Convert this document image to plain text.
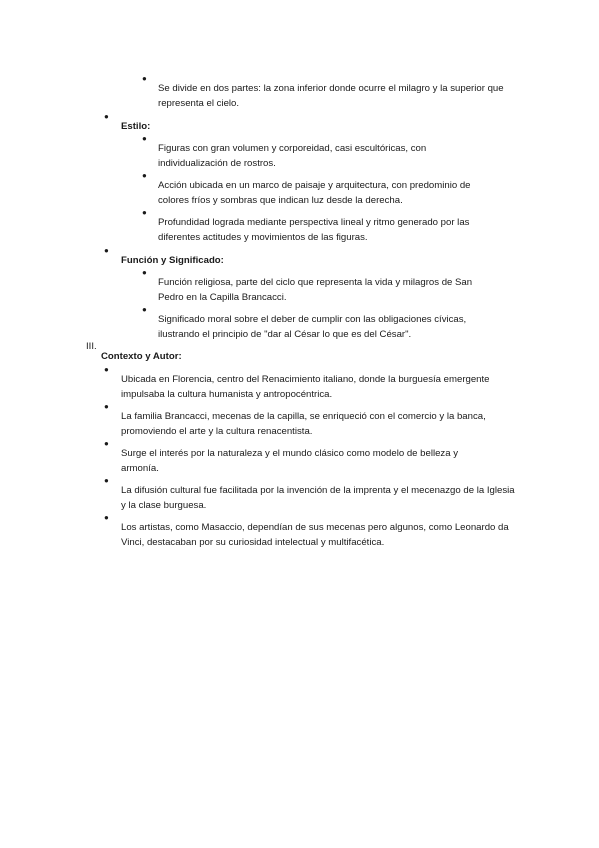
●

Se divide en dos partes: la zona inferior donde ocurre el milagro y la superior que representa el cielo.

●

Estilo:

●

Figuras con gran volumen y corporeidad, casi escultóricas, con individualización de rostros.

●

Acción ubicada en un marco de paisaje y arquitectura, con predominio de colores fríos y sombras que indican luz desde la derecha.

●

Profundidad lograda mediante perspectiva lineal y ritmo generado por las diferentes actitudes y movimientos de las figuras.

●

Función y Significado:

●

Función religiosa, parte del ciclo que representa la vida y milagros de San Pedro en la Capilla Brancacci.

●

Significado moral sobre el deber de cumplir con las obligaciones cívicas, ilustrando el principio de "dar al César lo que es del César".

III.

Contexto y Autor:

●

Ubicada en Florencia, centro del Renacimiento italiano, donde la burguesía emergente impulsaba la cultura humanista y antropocéntrica.

●

La familia Brancacci, mecenas de la capilla, se enriqueció con el comercio y la banca, promoviendo el arte y la cultura renacentista.

●

Surge el interés por la naturaleza y el mundo clásico como modelo de belleza y armonía.

●

La difusión cultural fue facilitada por la invención de la imprenta y el mecenazgo de la Iglesia y la clase burguesa.

●

Los artistas, como Masaccio, dependían de sus mecenas pero algunos, como Leonardo da Vinci, destacaban por su curiosidad intelectual y multifacética.
